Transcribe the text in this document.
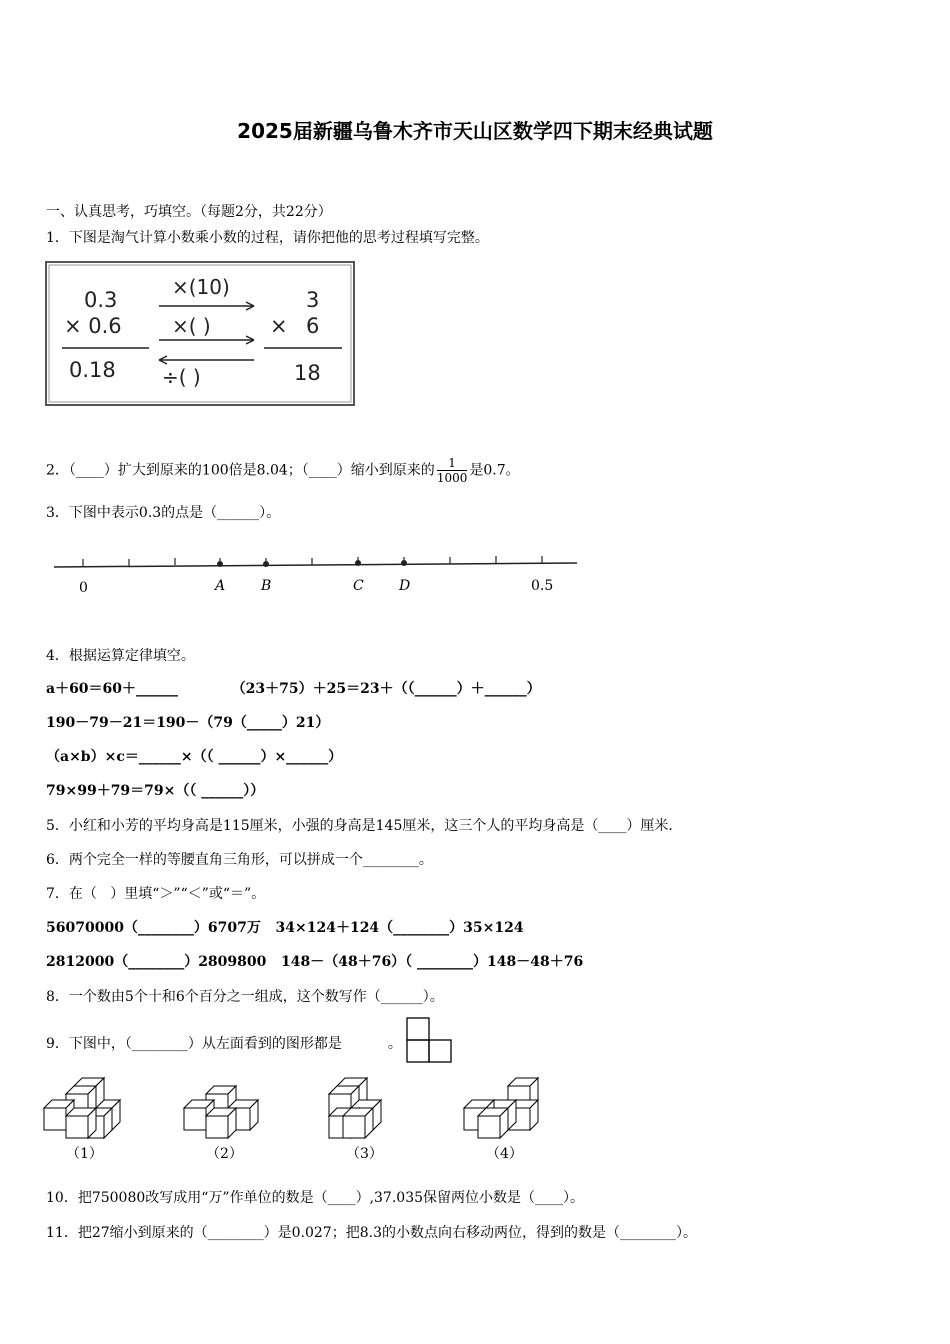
2025届新疆乌鲁木齐市天山区数学四下期末经典试题
一、认真思考，巧填空。（每题2分，共22分）
1．下图是淘气计算小数乘小数的过程，请你把他的思考过程填写完整。
0.3
× 0.6
0.18
×(10)
×( )
÷( )
3
× 6
18
2．（____）扩大到原来的100倍是8.04；（____）缩小到原来的 $\frac{1}{1000}$ 是0.7。
3．下图中表示0.3的点是（______）。
0	A	B	C	D	0.5
4．根据运算定律填空。
a＋60＝60＋______           （23＋75）＋25＝23＋（（______）＋______）
190－79－21＝190－（79（_____）21）
（a×b）×c＝______×（（ ______）×______）
79×99＋79＝79×（（ ______））
5．小红和小芳的平均身高是115厘米，小强的身高是145厘米，这三个人的平均身高是（____）厘米.
6．两个完全一样的等腰直角三角形，可以拼成一个________。
7．在（   ）里填“＞”“＜”或“＝”。
56070000（________）6707万   34×124＋124（________）35×124
2812000（________）2809800   148－（48＋76）（ ________）148－48＋76
8．一个数由5个十和6个百分之一组成，这个数写作（______）。
9．下图中，（________）从左面看到的图形都是	。
（1）	（2）	（3）	（4）
10．把750080改写成用“万”作单位的数是（____）,37.035保留两位小数是（____）。
11．把27缩小到原来的（________）是0.027；把8.3的小数点向右移动两位，得到的数是（________）。
